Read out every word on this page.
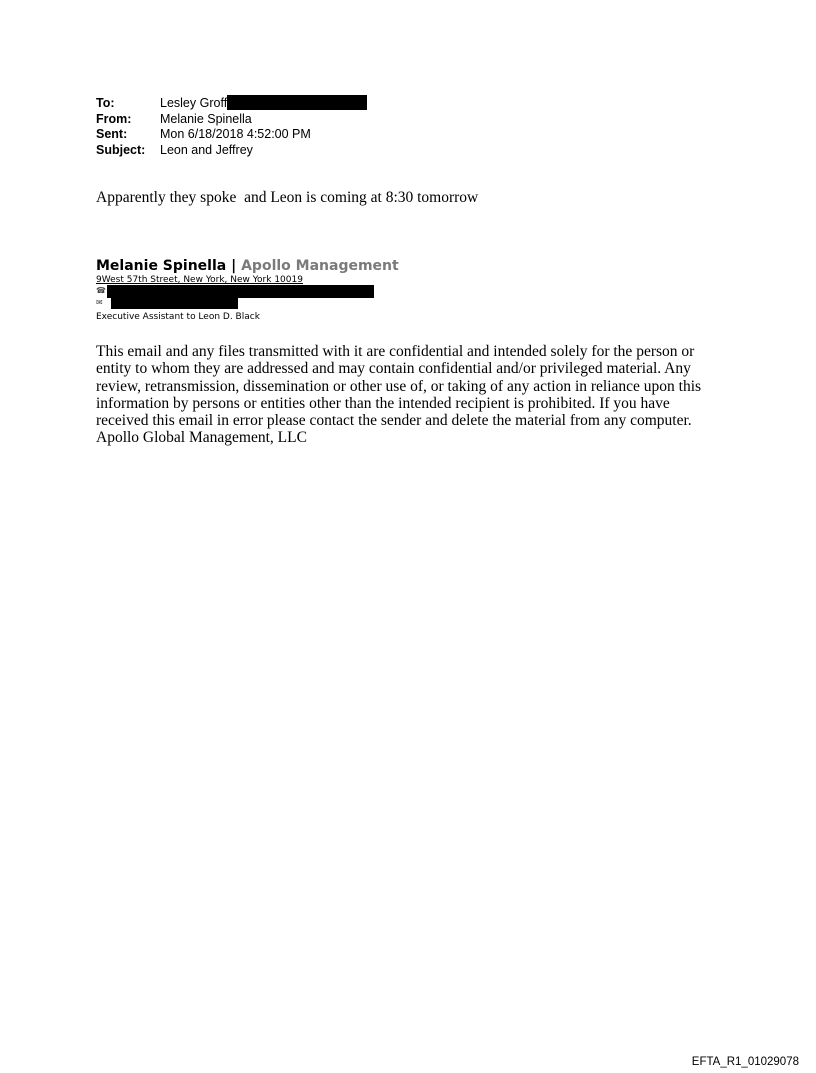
To:	Lesley Groff
From:	Melanie Spinella
Sent:	Mon 6/18/2018 4:52:00 PM
Subject:	Leon and Jeffrey
Apparently they spoke  and Leon is coming at 8:30 tomorrow
Melanie Spinella | Apollo Management
9West 57th Street, New York, New York 10019
☎
✉
Executive Assistant to Leon D. Black
This email and any files transmitted with it are confidential and intended solely for the person or entity to whom they are addressed and may contain confidential and/or privileged material. Any review, retransmission, dissemination or other use of, or taking of any action in reliance upon this information by persons or entities other than the intended recipient is prohibited. If you have received this email in error please contact the sender and delete the material from any computer. Apollo Global Management, LLC
EFTA_R1_01029078
